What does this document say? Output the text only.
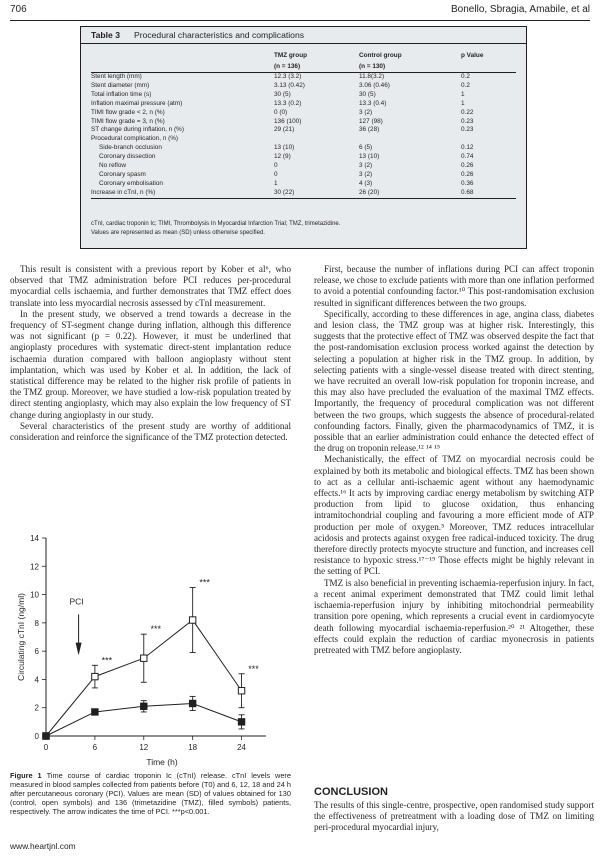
706	Bonello, Sbragia, Amabile, et al
Table 3 Procedural characteristics and complications
	TMZ group	Control group	p Value
	(n = 136)	(n = 130)	
Stent length (mm)	12.3 (3.2)	11.8(3.2)	0.2
Stent diameter (mm)	3.13 (0.42)	3.06 (0.46)	0.2
Total inflation time (s)	30 (5)	30 (5)	1
Inflation maximal pressure (atm)	13.3 (0.2)	13.3 (0.4)	1
TIMI flow grade < 2, n (%)	0 (0)	3 (2)	0.22
TIMI flow grade = 3, n (%)	136 (100)	127 (98)	0.23
ST change during inflation, n (%)	29 (21)	36 (28)	0.23
Procedural complication, n (%)			
Side-branch occlusion	13 (10)	6 (5)	0.12
Coronary dissection	12 (9)	13 (10)	0.74
No reflow	0	3 (2)	0.26
Coronary spasm	0	3 (2)	0.26
Coronary embolisation	1	4 (3)	0.36
Increase in cTnI, n (%)	30 (22)	26 (20)	0.68
cTnI, cardiac troponin Ic; TIMI, Thrombolysis In Myocardial Infarction Trial; TMZ, trimetazidine.
Values are represented as mean (SD) unless otherwise specified.

This result is consistent with a previous report by Kober et al⁶, who observed that TMZ administration before PCI reduces per-procedural myocardial cells ischaemia, and further demonstrates that TMZ effect does translate into less myocardial necrosis assessed by cTnI measurement.

In the present study, we observed a trend towards a decrease in the frequency of ST-segment change during inflation, although this difference was not significant (p = 0.22). However, it must be underlined that angioplasty procedures with systematic direct-stent implantation reduce ischaemia duration compared with balloon angioplasty without stent implantation, which was used by Kober et al. In addition, the lack of statistical difference may be related to the higher risk profile of patients in the TMZ group. Moreover, we have studied a low-risk population treated by direct stenting angioplasty, which may also explain the low frequency of ST change during angioplasty in our study.

Several characteristics of the present study are worthy of additional consideration and reinforce the significance of the TMZ protection detected.

First, because the number of inflations during PCI can affect troponin release, we chose to exclude patients with more than one inflation performed to avoid a potential confounding factor.¹⁰ This post-randomisation exclusion resulted in significant differences between the two groups.

Specifically, according to these differences in age, angina class, diabetes and lesion class, the TMZ group was at higher risk. Interestingly, this suggests that the protective effect of TMZ was observed despite the fact that the post-randomisation exclusion process worked against the detection by selecting a population at higher risk in the TMZ group. In addition, by selecting patients with a single-vessel disease treated with direct stenting, we have recruited an overall low-risk population for troponin increase, and this may also have precluded the evaluation of the maximal TMZ effects. Importantly, the frequency of procedural complication was not different between the two groups, which suggests the absence of procedural-related confounding factors. Finally, given the pharmacodynamics of TMZ, it is possible that an earlier administration could enhance the detected effect of the drug on troponin release.¹² ¹⁴ ¹⁵

Mechanistically, the effect of TMZ on myocardial necrosis could be explained by both its metabolic and biological effects. TMZ has been shown to act as a cellular anti-ischaemic agent without any haemodynamic effects.¹⁶ It acts by improving cardiac energy metabolism by switching ATP production from lipid to glucose oxidation, thus enhancing intramitochondrial coupling and favouring a more efficient mode of ATP production per mole of oxygen.⁵ Moreover, TMZ reduces intracellular acidosis and protects against oxygen free radical-induced toxicity. The drug therefore directly protects myocyte structure and function, and increases cell resistance to hypoxic stress.¹⁷⁻¹⁹ Those effects might be highly relevant in the setting of PCI.

TMZ is also beneficial in preventing ischaemia-reperfusion injury. In fact, a recent animal experiment demonstrated that TMZ could limit lethal ischaemia-reperfusion injury by inhibiting mitochondrial permeability transition pore opening, which represents a crucial event in cardiomyocyte death following myocardial ischaemia-reperfusion.²⁰ ²¹ Altogether, these effects could explain the reduction of cardiac myonecrosis in patients pretreated with TMZ before angioplasty.

0
2
4
6
8
10
12
14
0	6	12	18	24
Time (h)
Circulating cTnI (ng/ml)	***
***
***
***
PCI
Figure 1 Time course of cardiac troponin Ic (cTnI) release. cTnI levels were measured in blood samples collected from patients before (T0) and 6, 12, 18 and 24 h after percutaneous coronary (PCI). Values are mean (SD) of values obtained for 130 (control, open symbols) and 136 (trimetazidine (TMZ), filled symbols) patients, respectively. The arrow indicates the time of PCI. ***p<0.001.
CONCLUSION
The results of this single-centre, prospective, open randomised study support the effectiveness of pretreatment with a loading dose of TMZ on limiting peri-procedural myocardial injury,
www.heartjnl.com
